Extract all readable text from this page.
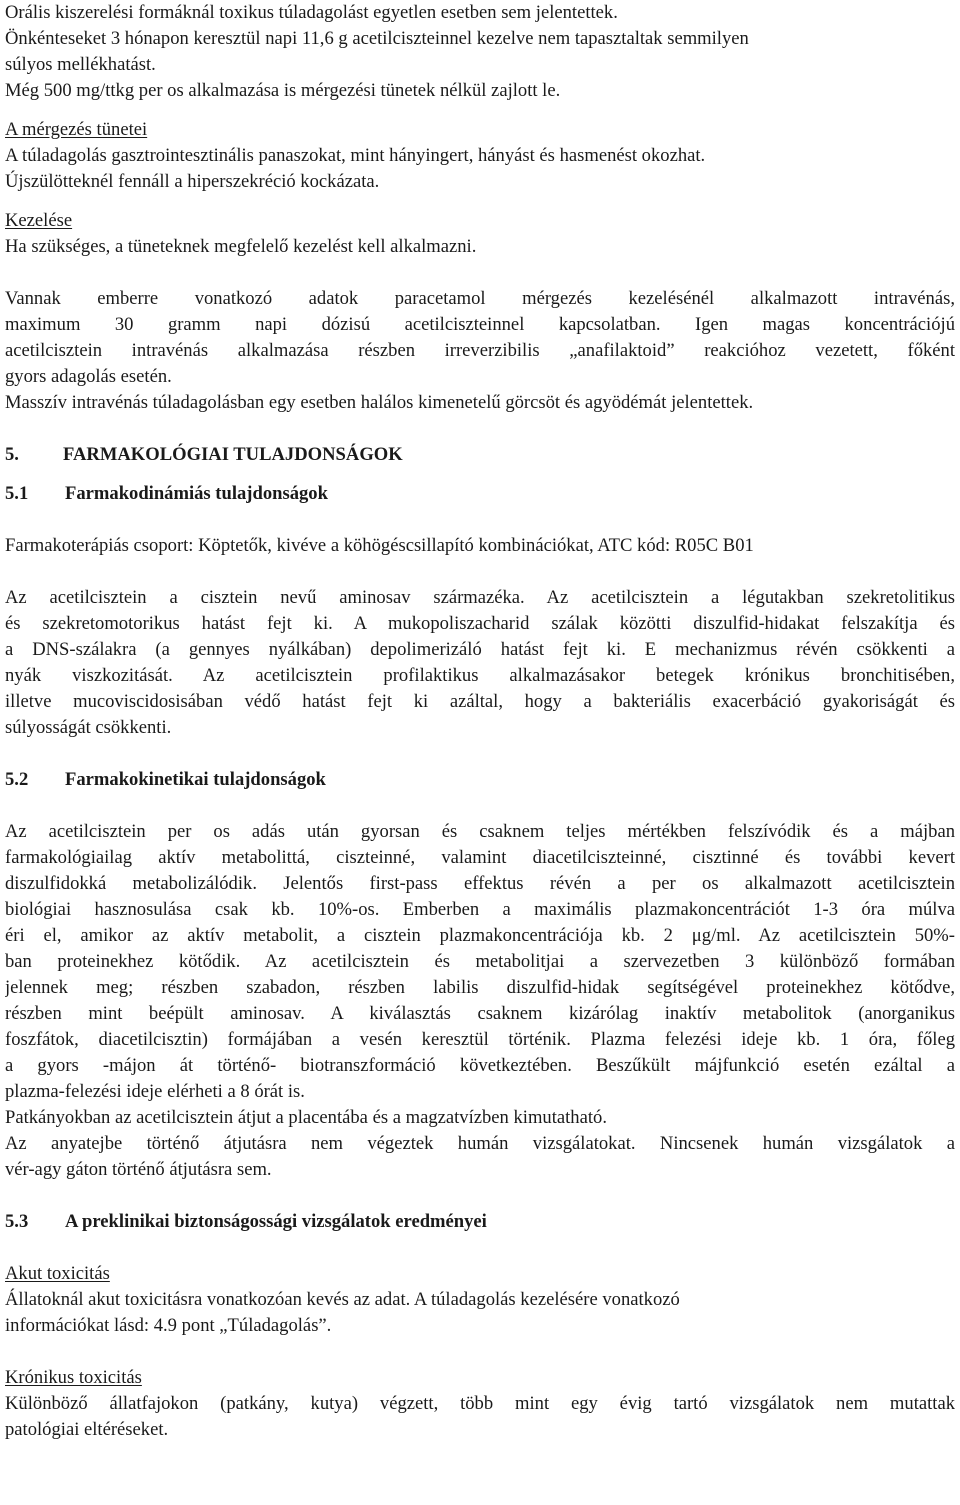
Orális kiszerelési formáknál toxikus túladagolást egyetlen esetben sem jelentettek.
Önkénteseket 3 hónapon keresztül napi 11,6 g acetilciszteinnel kezelve nem tapasztaltak semmilyen
súlyos mellékhatást.
Még 500 mg/ttkg per os alkalmazása is mérgezési tünetek nélkül zajlott le.
A mérgezés tünetei
A túladagolás gasztrointesztinális panaszokat, mint hányingert, hányást és hasmenést okozhat.
Újszülötteknél fennáll a hiperszekréció kockázata.
Kezelése
Ha szükséges, a tüneteknek megfelelő kezelést kell alkalmazni.
Vannak emberre vonatkozó adatok paracetamol mérgezés kezelésénél alkalmazott intravénás,
maximum 30 gramm napi dózisú acetilciszteinnel kapcsolatban. Igen magas koncentrációjú
acetilcisztein intravénás alkalmazása részben irreverzibilis „anafilaktoid” reakcióhoz vezetett, főként
gyors adagolás esetén.
Masszív intravénás túladagolásban egy esetben halálos kimenetelű görcsöt és agyödémát jelentettek.
5. FARMAKOLÓGIAI TULAJDONSÁGOK
5.1 Farmakodinámiás tulajdonságok
Farmakoterápiás csoport: Köptetők, kivéve a köhögéscsillapító kombinációkat, ATC kód: R05C B01
Az acetilcisztein a cisztein nevű aminosav származéka. Az acetilcisztein a légutakban szekretolitikus
és szekretomotorikus hatást fejt ki. A mukopoliszacharid szálak közötti diszulfid-hidakat felszakítja és
a DNS-szálakra (a gennyes nyálkában) depolimerizáló hatást fejt ki. E mechanizmus révén csökkenti a
nyák viszkozitását. Az acetilcisztein profilaktikus alkalmazásakor betegek krónikus bronchitisében,
illetve mucoviscidosisában védő hatást fejt ki azáltal, hogy a bakteriális exacerbáció gyakoriságát és
súlyosságát csökkenti.
5.2 Farmakokinetikai tulajdonságok
Az acetilcisztein per os adás után gyorsan és csaknem teljes mértékben felszívódik és a májban
farmakológiailag aktív metabolittá, ciszteinné, valamint diacetilciszteinné, cisztinné és további kevert
diszulfidokká metabolizálódik. Jelentős first-pass effektus révén a per os alkalmazott acetilcisztein
biológiai hasznosulása csak kb. 10%-os. Emberben a maximális plazmakoncentrációt 1-3 óra múlva
éri el, amikor az aktív metabolit, a cisztein plazmakoncentrációja kb. 2 μg/ml. Az acetilcisztein 50%-
ban proteinekhez kötődik. Az acetilcisztein és metabolitjai a szervezetben 3 különböző formában
jelennek meg; részben szabadon, részben labilis diszulfid-hidak segítségével proteinekhez kötődve,
részben mint beépült aminosav. A kiválasztás csaknem kizárólag inaktív metabolitok (anorganikus
foszfátok, diacetilcisztin) formájában a vesén keresztül történik. Plazma felezési ideje kb. 1 óra, főleg
a gyors -májon át történő- biotranszformáció következtében. Beszűkült májfunkció esetén ezáltal a
plazma-felezési ideje elérheti a 8 órát is.
Patkányokban az acetilcisztein átjut a placentába és a magzatvízben kimutatható.
Az anyatejbe történő átjutásra nem végeztek humán vizsgálatokat. Nincsenek humán vizsgálatok a
vér-agy gáton történő átjutásra sem.
5.3 A preklinikai biztonságossági vizsgálatok eredményei
Akut toxicitás
Állatoknál akut toxicitásra vonatkozóan kevés az adat. A túladagolás kezelésére vonatkozó
információkat lásd: 4.9 pont „Túladagolás”.
Krónikus toxicitás
Különböző állatfajokon (patkány, kutya) végzett, több mint egy évig tartó vizsgálatok nem mutattak
patológiai eltéréseket.
